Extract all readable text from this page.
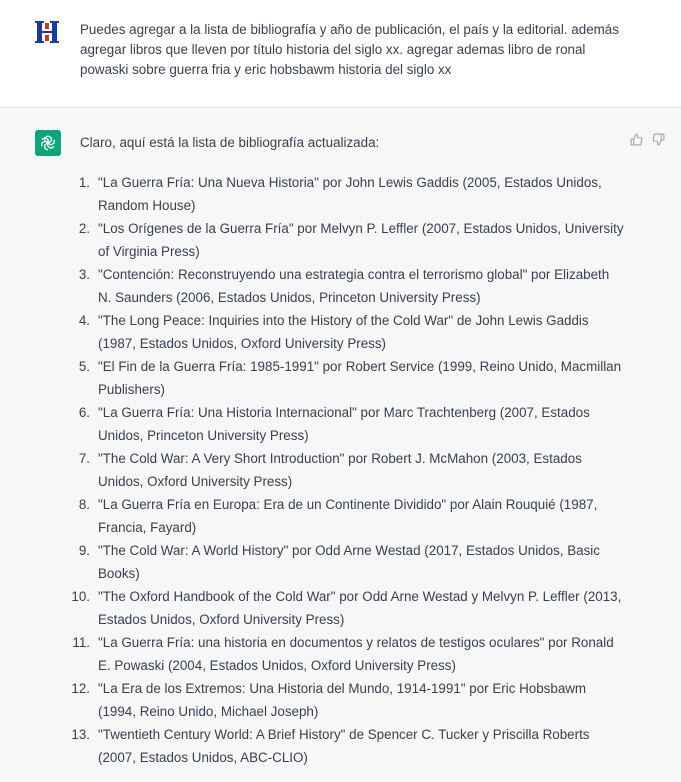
Puedes agregar a la lista de bibliografía y año de publicación, el país y la editorial. además agregar libros que lleven por título historia del siglo xx. agregar ademas libro de ronal powaski sobre guerra fria y eric hobsbawm historia del siglo xx

Claro, aquí está la lista de bibliografía actualizada:

1. "La Guerra Fría: Una Nueva Historia" por John Lewis Gaddis (2005, Estados Unidos, Random House)
2. "Los Orígenes de la Guerra Fría" por Melvyn P. Leffler (2007, Estados Unidos, University of Virginia Press)
3. "Contención: Reconstruyendo una estrategia contra el terrorismo global" por Elizabeth N. Saunders (2006, Estados Unidos, Princeton University Press)
4. "The Long Peace: Inquiries into the History of the Cold War" de John Lewis Gaddis (1987, Estados Unidos, Oxford University Press)
5. "El Fin de la Guerra Fría: 1985-1991" por Robert Service (1999, Reino Unido, Macmillan Publishers)
6. "La Guerra Fría: Una Historia Internacional" por Marc Trachtenberg (2007, Estados Unidos, Princeton University Press)
7. "The Cold War: A Very Short Introduction" por Robert J. McMahon (2003, Estados Unidos, Oxford University Press)
8. "La Guerra Fría en Europa: Era de un Continente Dividido" por Alain Rouquié (1987, Francia, Fayard)
9. "The Cold War: A World History" por Odd Arne Westad (2017, Estados Unidos, Basic Books)
10. "The Oxford Handbook of the Cold War" por Odd Arne Westad y Melvyn P. Leffler (2013, Estados Unidos, Oxford University Press)
11. "La Guerra Fría: una historia en documentos y relatos de testigos oculares" por Ronald E. Powaski (2004, Estados Unidos, Oxford University Press)
12. "La Era de los Extremos: Una Historia del Mundo, 1914-1991" por Eric Hobsbawm (1994, Reino Unido, Michael Joseph)
13. "Twentieth Century World: A Brief History" de Spencer C. Tucker y Priscilla Roberts (2007, Estados Unidos, ABC-CLIO)
